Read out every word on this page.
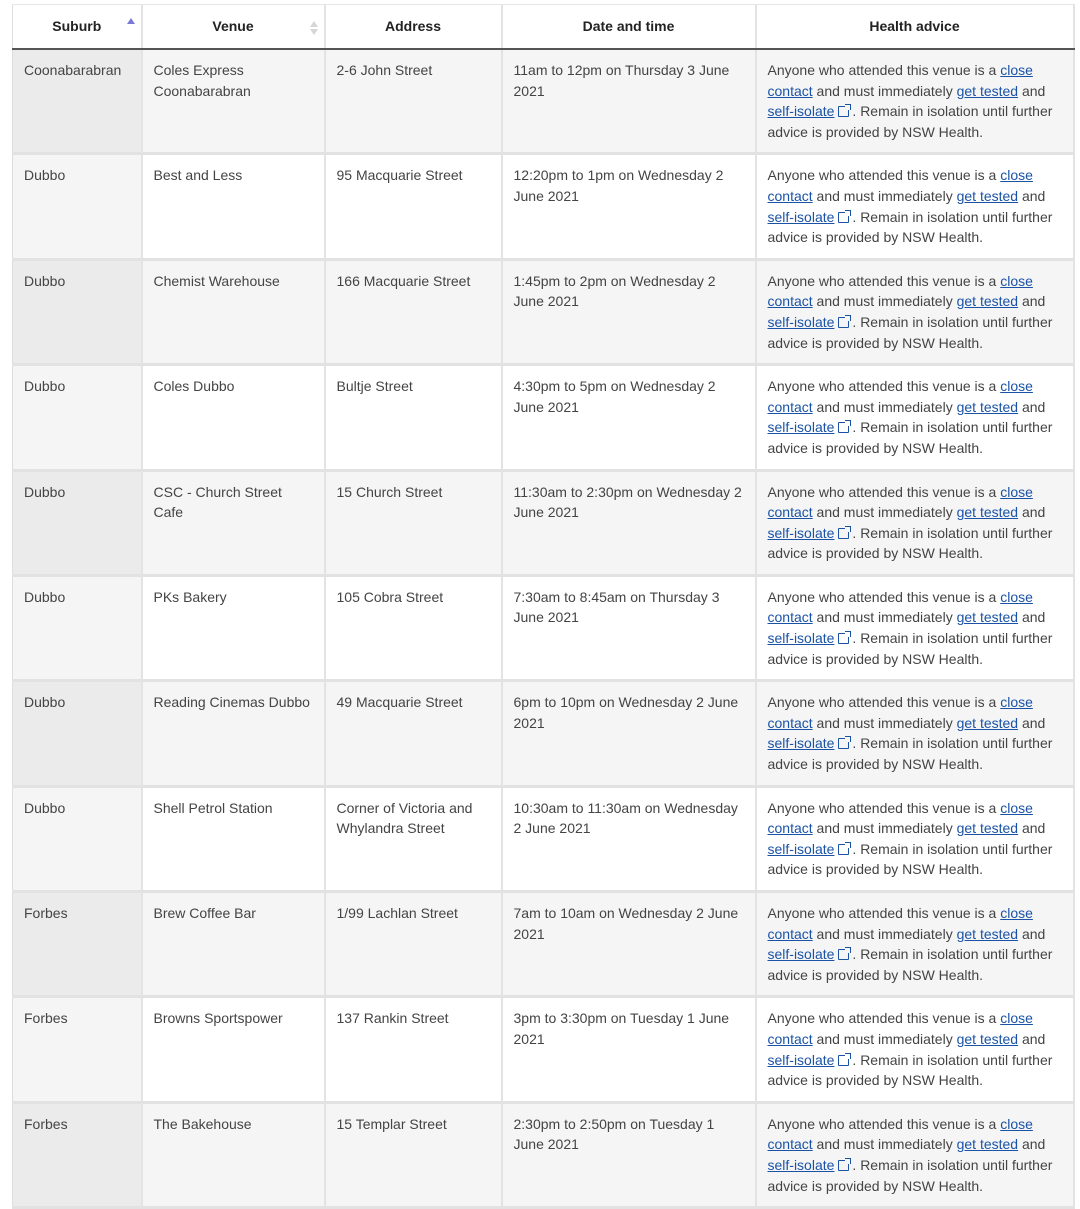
Suburb	Venue	Address	Date and time	Health advice
Coonabarabran	Coles Express Coonabarabran	2-6 John Street	11am to 12pm on Thursday 3 June 2021	Anyone who attended this venue is a close contact and must immediately get tested and self-isolate . Remain in isolation until further advice is provided by NSW Health.
Dubbo	Best and Less	95 Macquarie Street	12:20pm to 1pm on Wednesday 2 June 2021	Anyone who attended this venue is a close contact and must immediately get tested and self-isolate . Remain in isolation until further advice is provided by NSW Health.
Dubbo	Chemist Warehouse	166 Macquarie Street	1:45pm to 2pm on Wednesday 2 June 2021	Anyone who attended this venue is a close contact and must immediately get tested and self-isolate . Remain in isolation until further advice is provided by NSW Health.
Dubbo	Coles Dubbo	Bultje Street	4:30pm to 5pm on Wednesday 2 June 2021	Anyone who attended this venue is a close contact and must immediately get tested and self-isolate . Remain in isolation until further advice is provided by NSW Health.
Dubbo	CSC - Church Street Cafe	15 Church Street	11:30am to 2:30pm on Wednesday 2 June 2021	Anyone who attended this venue is a close contact and must immediately get tested and self-isolate . Remain in isolation until further advice is provided by NSW Health.
Dubbo	PKs Bakery	105 Cobra Street	7:30am to 8:45am on Thursday 3 June 2021	Anyone who attended this venue is a close contact and must immediately get tested and self-isolate . Remain in isolation until further advice is provided by NSW Health.
Dubbo	Reading Cinemas Dubbo	49 Macquarie Street	6pm to 10pm on Wednesday 2 June 2021	Anyone who attended this venue is a close contact and must immediately get tested and self-isolate . Remain in isolation until further advice is provided by NSW Health.
Dubbo	Shell Petrol Station	Corner of Victoria and Whylandra Street	10:30am to 11:30am on Wednesday 2 June 2021	Anyone who attended this venue is a close contact and must immediately get tested and self-isolate . Remain in isolation until further advice is provided by NSW Health.
Forbes	Brew Coffee Bar	1/99 Lachlan Street	7am to 10am on Wednesday 2 June 2021	Anyone who attended this venue is a close contact and must immediately get tested and self-isolate . Remain in isolation until further advice is provided by NSW Health.
Forbes	Browns Sportspower	137 Rankin Street	3pm to 3:30pm on Tuesday 1 June 2021	Anyone who attended this venue is a close contact and must immediately get tested and self-isolate . Remain in isolation until further advice is provided by NSW Health.
Forbes	The Bakehouse	15 Templar Street	2:30pm to 2:50pm on Tuesday 1 June 2021	Anyone who attended this venue is a close contact and must immediately get tested and self-isolate . Remain in isolation until further advice is provided by NSW Health.
